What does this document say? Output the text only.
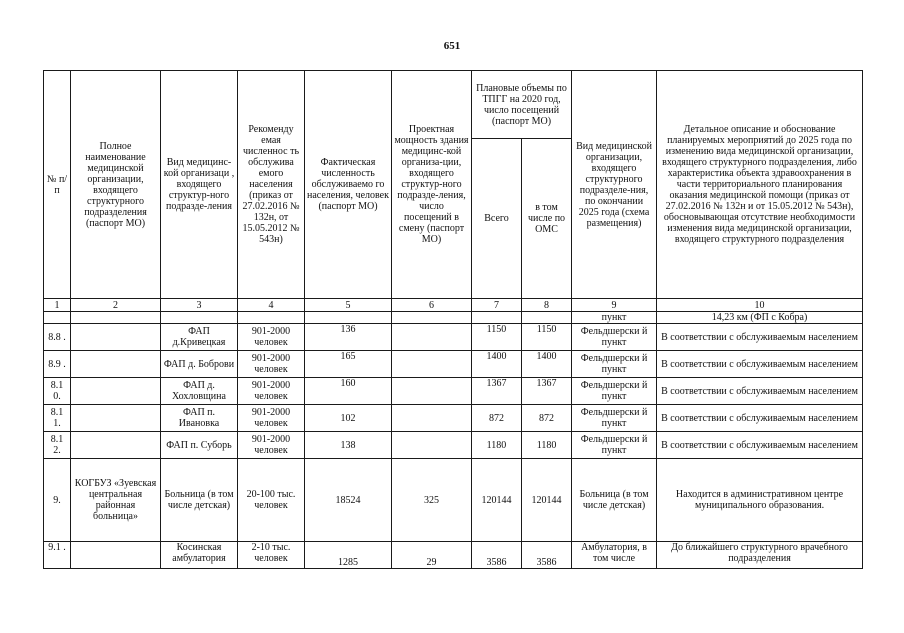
651
№ п/п	Полное наименование медицинской организации, входящего структурного подразделения (паспорт МО)	Вид медицинс-кой организаци , входящего структур-ного подразде-ления	Рекоменду емая численнос ть обслужива емого населения (приказ от 27.02.2016 № 132н, от 15.05.2012 № 543н)	Фактическая численность обслуживаемо го населения, человек (паспорт МО)	Проектная мощность здания медицинс-кой организа-ции, входящего структур-ного подразде-ления, число посещений в смену (паспорт МО)	Плановые объемы по ТПГГ на 2020 год, число посещений (паспорт МО)		Вид медицинской организации, входящего структурного подразделе-ния, по окончании 2025 года (схема размещения)	Детальное описание и обоснование планируемых мероприятий до 2025 года по изменению вида медицинской организации, входящего структурного подразделения, либо характеристика объекта здравоохранения в части территориального планирования оказания медицинской помощи (приказ от 27.02.2016 № 132н и от 15.05.2012 № 543н), обосновывающая отсутствие необходимости изменения вида медицинской организации, входящего структурного подразделения
						Всего	в том числе по ОМС		
1	2	3	4	5	6	7	8	9	10
								пункт	14,23 км (ФП с Кобра)
8.8 .		ФАП д.Кривецкая	901-2000 человек	136		1150	1150	Фельдшерски й пункт	В соответствии с обслуживаемым населением
8.9 .		ФАП д. Боброви	901-2000 человек	165		1400	1400	Фельдшерски й пункт	В соответствии с обслуживаемым населением
8.1 0.		ФАП д. Хохловщина	901-2000 человек	160		1367	1367	Фельдшерски й пункт	В соответствии с обслуживаемым населением
8.1 1.		ФАП п. Ивановка	901-2000 человек	102		872	872	Фельдшерски й пункт	В соответствии с обслуживаемым населением
8.1 2.		ФАП п. Суборь	901-2000 человек	138		1180	1180	Фельдшерски й пункт	В соответствии с обслуживаемым населением
9.	КОГБУЗ «Зуевская центральная районная больница»	Больница (в том числе детская)	20-100 тыс. человек	18524	325	120144	120144	Больница (в том числе детская)	Находится в административном центре муниципального образования.
9.1 .		Косинская амбулатория	2-10 тыс. человек	1285	29	3586	3586	Амбулатория, в том числе	До ближайшего структурного врачебного подразделения
